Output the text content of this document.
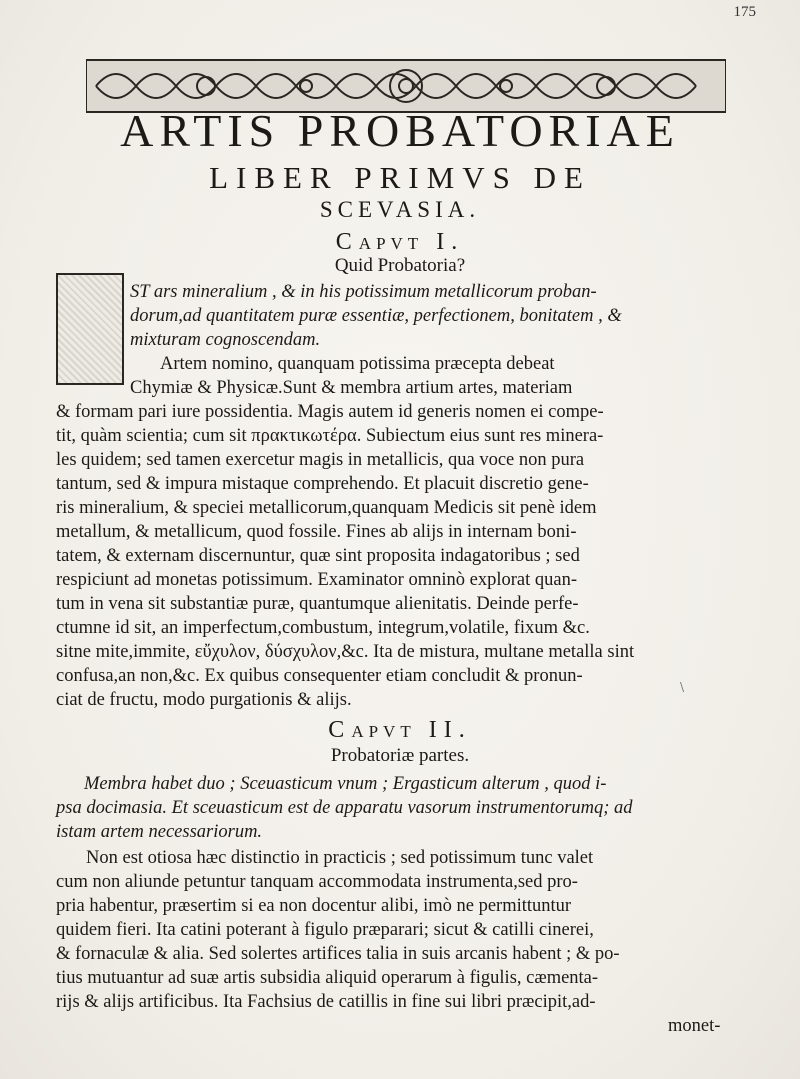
175
ARTIS PROBATORIAE
LIBER PRIMVS DE
SCEVASIA.
CAPVT I.
Quid Probatoria?
ST ars mineralium , & in his potissimum metallicorum proban-
dorum,ad quantitatem puræ essentiæ, perfectionem, bonitatem , &
mixturam cognoscendam.
Artem nomino, quanquam potissima præcepta debeat
Chymiæ & Physicæ.Sunt & membra artium artes, materiam
& formam pari iure possidentia. Magis autem id generis nomen ei compe-
tit, quàm scientia; cum sit πρακτικωτέρα. Subiectum eius sunt res minera-
les quidem; sed tamen exercetur magis in metallicis, qua voce non pura
tantum, sed & impura mistaque comprehendo. Et placuit discretio gene-
ris mineralium, & speciei metallicorum,quanquam Medicis sit penè idem
metallum, & metallicum, quod fossile. Fines ab alijs in internam boni-
tatem, & externam discernuntur, quæ sint proposita indagatoribus ; sed
respiciunt ad monetas potissimum. Examinator omninò explorat quan-
tum in vena sit substantiæ puræ, quantumque alienitatis. Deinde perfe-
ctumne id sit, an imperfectum,combustum, integrum,volatile, fixum &c.
sitne mite,immite, εὔχυλον, δύσχυλον,&c. Ita de mistura, multane metalla sint
confusa,an non,&c. Ex quibus consequenter etiam concludit & pronun-
ciat de fructu, modo purgationis & alijs.
CAPVT II.
Probatoriæ partes.
Membra habet duo ; Sceuasticum vnum ; Ergasticum alterum , quod i-
psa docimasia. Et sceuasticum est de apparatu vasorum instrumentorumq; ad
istam artem necessariorum.
Non est otiosa hæc distinctio in practicis ; sed potissimum tunc valet
cum non aliunde petuntur tanquam accommodata instrumenta,sed pro-
pria habentur, præsertim si ea non docentur alibi, imò ne permittuntur
quidem fieri. Ita catini poterant à figulo præparari; sicut & catilli cinerei,
& fornaculæ & alia. Sed solertes artifices talia in suis arcanis habent ; & po-
tius mutuantur ad suæ artis subsidia aliquid operarum à figulis, cæmenta-
rijs & alijs artificibus. Ita Fachsius de catillis in fine sui libri præcipit,ad-
monet-
\
